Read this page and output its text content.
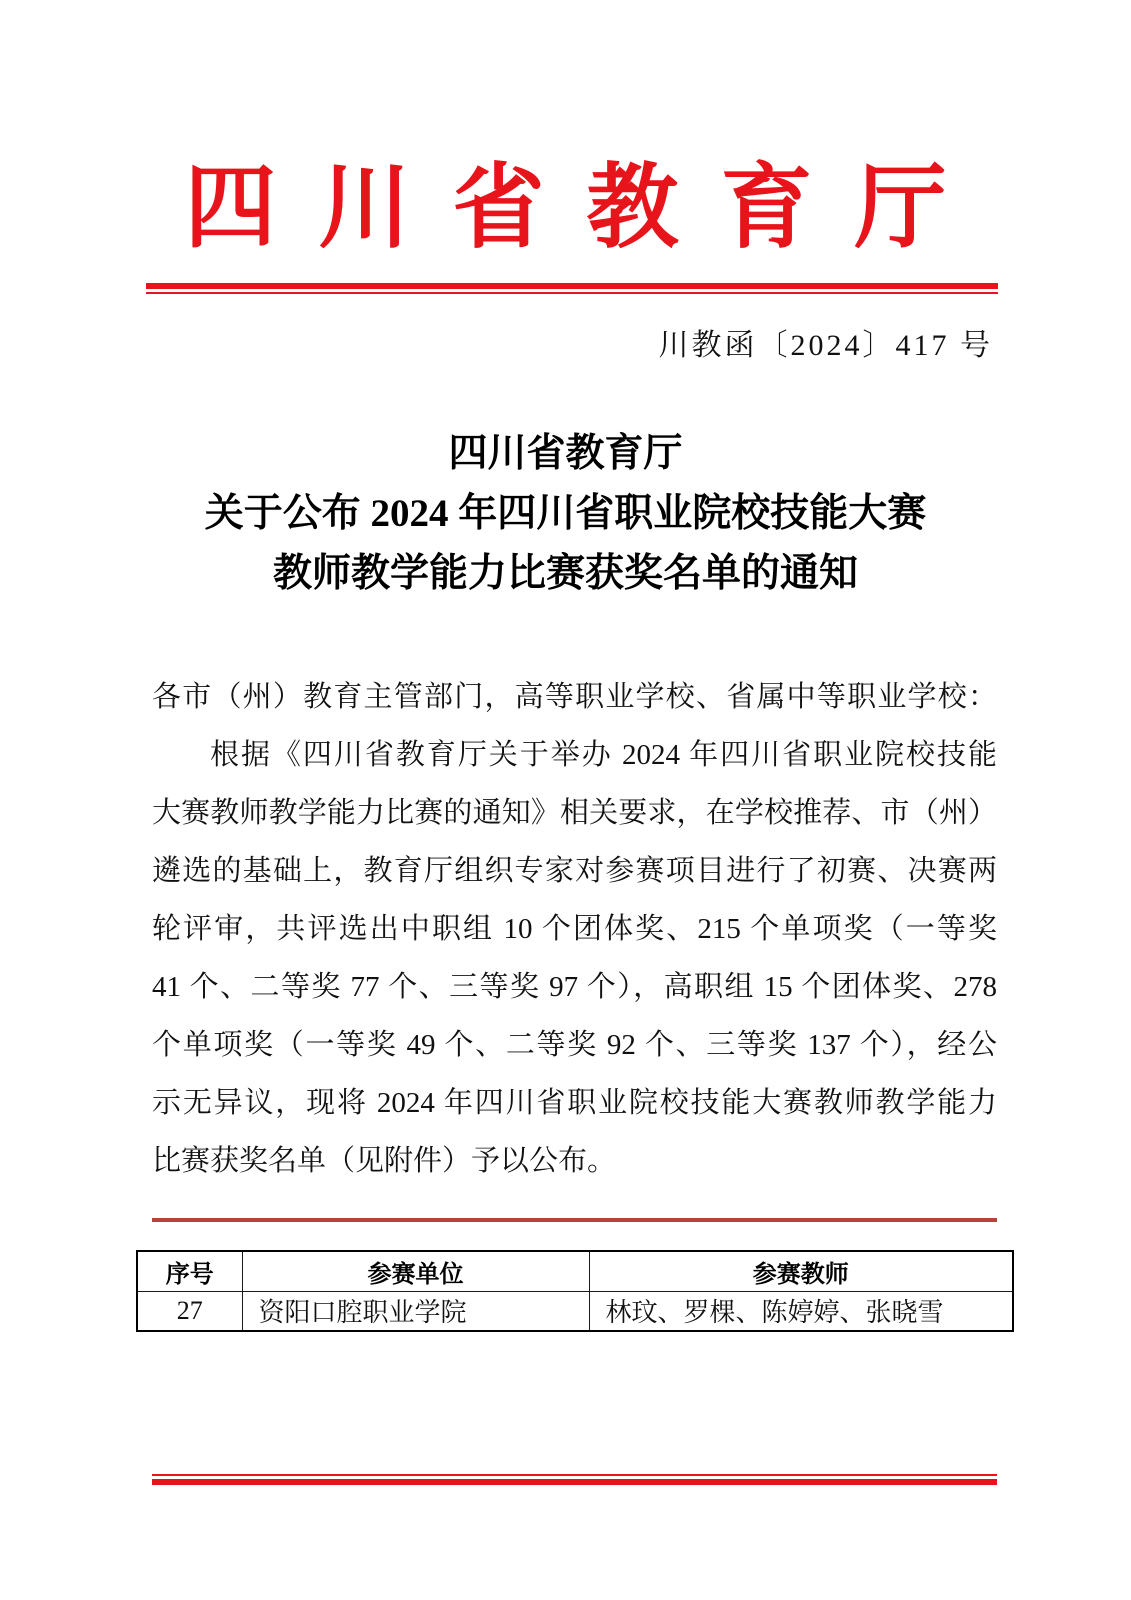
四川省教育厅
川教函〔2024〕417 号
四川省教育厅
关于公布 2024 年四川省职业院校技能大赛
教师教学能力比赛获奖名单的通知
各市（州）教育主管部门，高等职业学校、省属中等职业学校：
根据《四川省教育厅关于举办 2024 年四川省职业院校技能
大赛教师教学能力比赛的通知》相关要求，在学校推荐、市（州）
遴选的基础上，教育厅组织专家对参赛项目进行了初赛、决赛两
轮评审，共评选出中职组 10 个团体奖、215 个单项奖（一等奖
41 个、二等奖 77 个、三等奖 97 个），高职组 15 个团体奖、278
个单项奖（一等奖 49 个、二等奖 92 个、三等奖 137 个），经公
示无异议，现将 2024 年四川省职业院校技能大赛教师教学能力
比赛获奖名单（见附件）予以公布。
序号	参赛单位	参赛教师
27	资阳口腔职业学院	林玟、罗棵、陈婷婷、张晓雪
